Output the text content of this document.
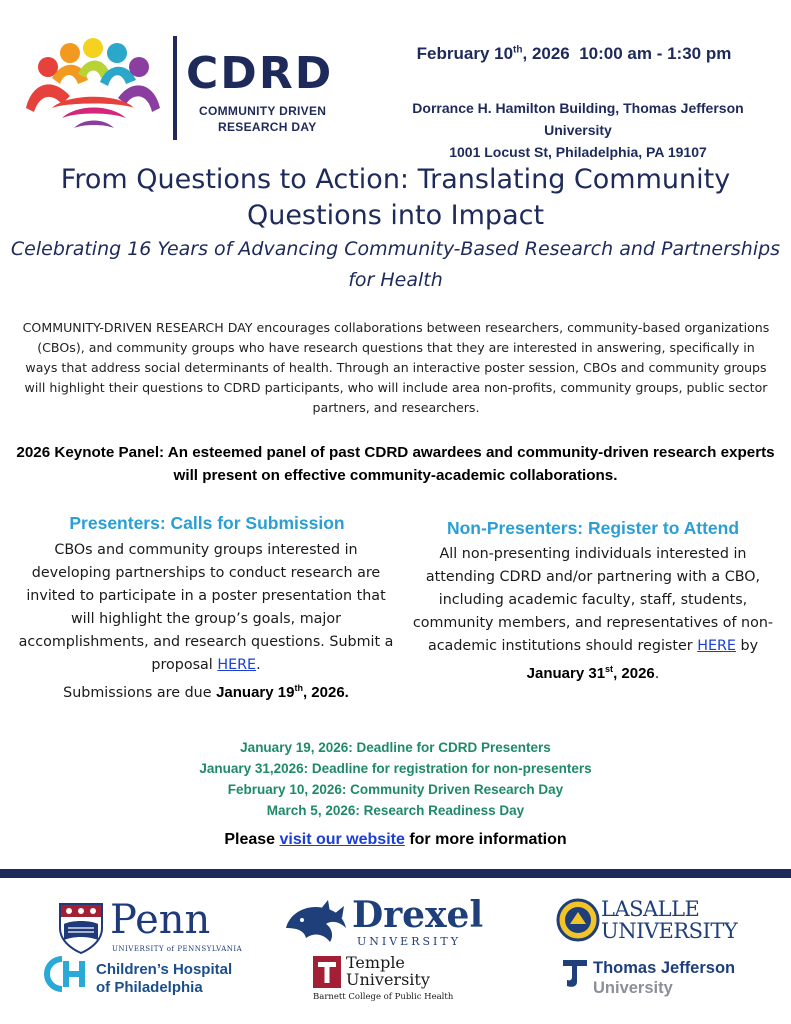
CDRD
COMMUNITY DRIVEN
RESEARCH DAY
February 10th, 2026  10:00 am - 1:30 pm
Dorrance H. Hamilton Building, Thomas Jefferson
University
1001 Locust St, Philadelphia, PA 19107
From Questions to Action: Translating Community Questions into Impact
Celebrating 16 Years of Advancing Community-Based Research and Partnerships for Health
COMMUNITY-DRIVEN RESEARCH DAY encourages collaborations between researchers, community-based organizations (CBOs), and community groups who have research questions that they are interested in answering, specifically in ways that address social determinants of health. Through an interactive poster session, CBOs and community groups will highlight their questions to CDRD participants, who will include area non-profits, community groups, public sector partners, and researchers.
2026 Keynote Panel: An esteemed panel of past CDRD awardees and community-driven research experts will present on effective community-academic collaborations.
Presenters: Calls for Submission
CBOs and community groups interested in developing partnerships to conduct research are invited to participate in a poster presentation that will highlight the group’s goals, major accomplishments, and research questions. Submit a proposal HERE.
Submissions are due January 19th, 2026.
Non-Presenters: Register to Attend
All non-presenting individuals interested in attending CDRD and/or partnering with a CBO, including academic faculty, staff, students, community members, and representatives of non-academic institutions should register HERE by
January 31st, 2026.
January 19, 2026: Deadline for CDRD Presenters
January 31,2026: Deadline for registration for non-presenters
February 10, 2026: Community Driven Research Day
March 5, 2026: Research Readiness Day
Please visit our website for more information
Penn
UNIVERSITY of PENNSYLVANIA
Children’s Hospital
of Philadelphia
Drexel
UNIVERSITY
Temple
University
Barnett College of Public Health
LASALLE
UNIVERSITY
Thomas Jefferson
University
